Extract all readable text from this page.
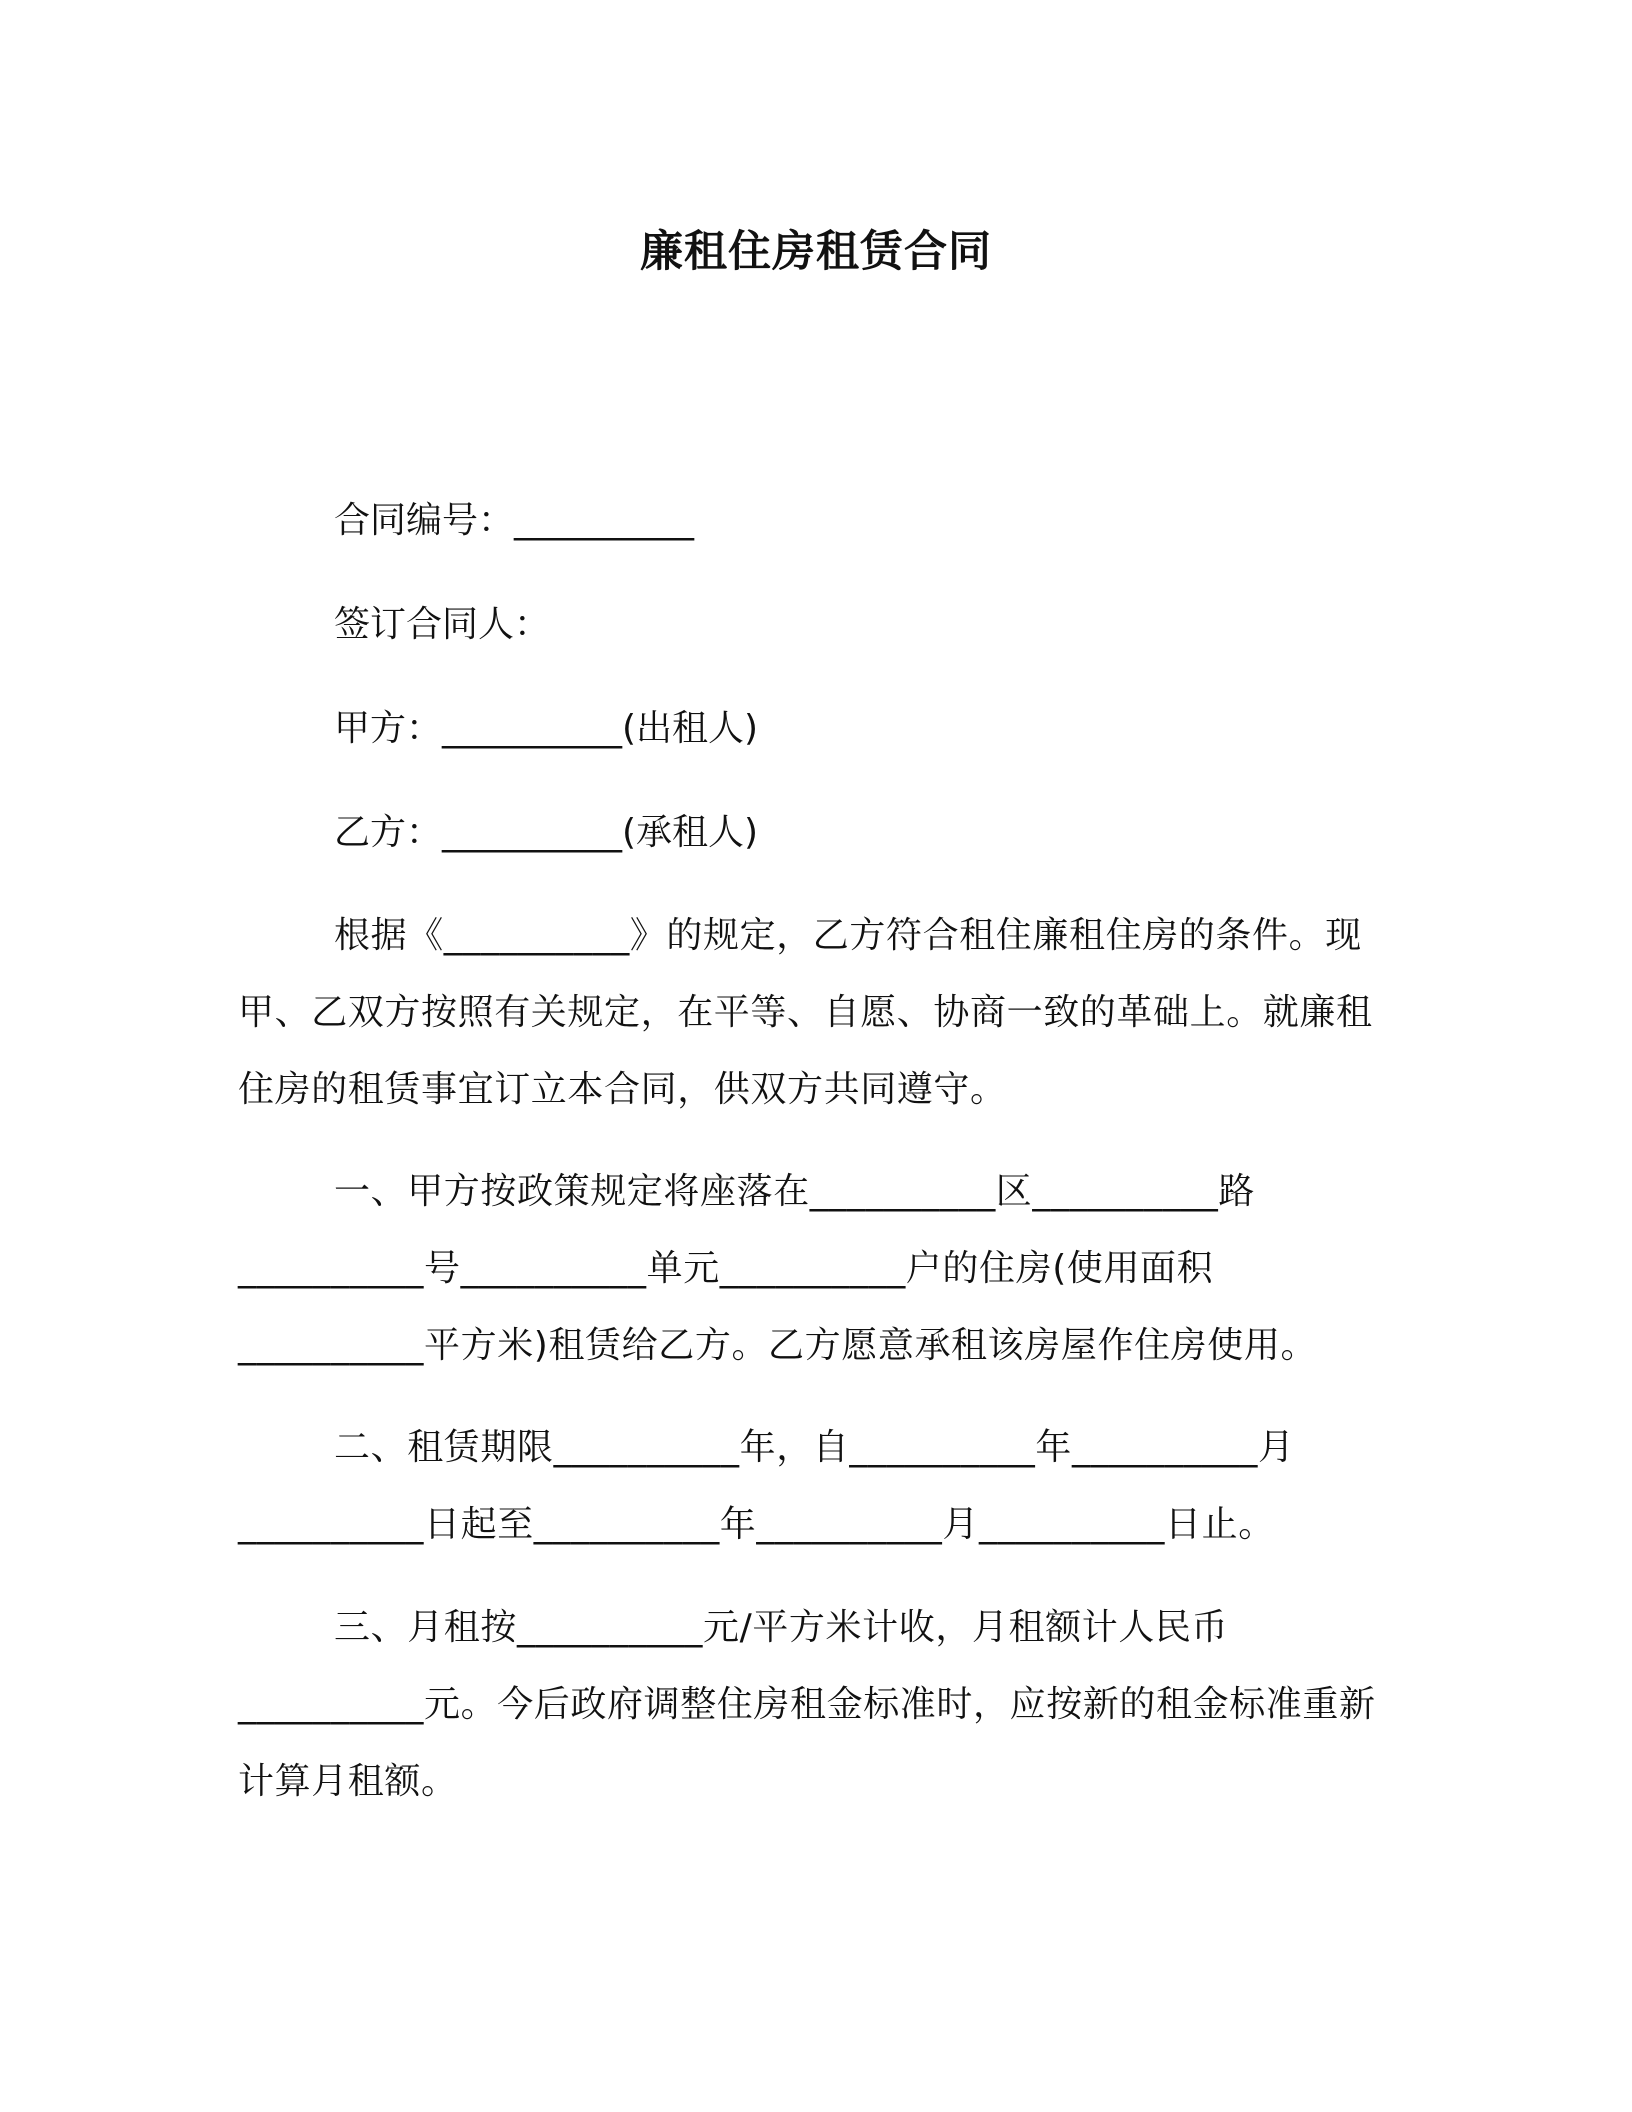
廉租住房租赁合同
合同编号：__________
签订合同人：
甲方：__________(出租人)
乙方：__________(承租人)
根据《__________》的规定，乙方符合租住廉租住房的条件。现甲、乙双方按照有关规定，在平等、自愿、协商一致的革础上。就廉租住房的租赁事宜订立本合同，供双方共同遵守。
一、甲方按政策规定将座落在__________区__________路__________号__________单元__________户的住房(使用面积__________平方米)租赁给乙方。乙方愿意承租该房屋作住房使用。
二、租赁期限__________年，自__________年__________月__________日起至__________年__________月__________日止。
三、月租按__________元/平方米计收，月租额计人民币__________元。今后政府调整住房租金标准时，应按新的租金标准重新计算月租额。
